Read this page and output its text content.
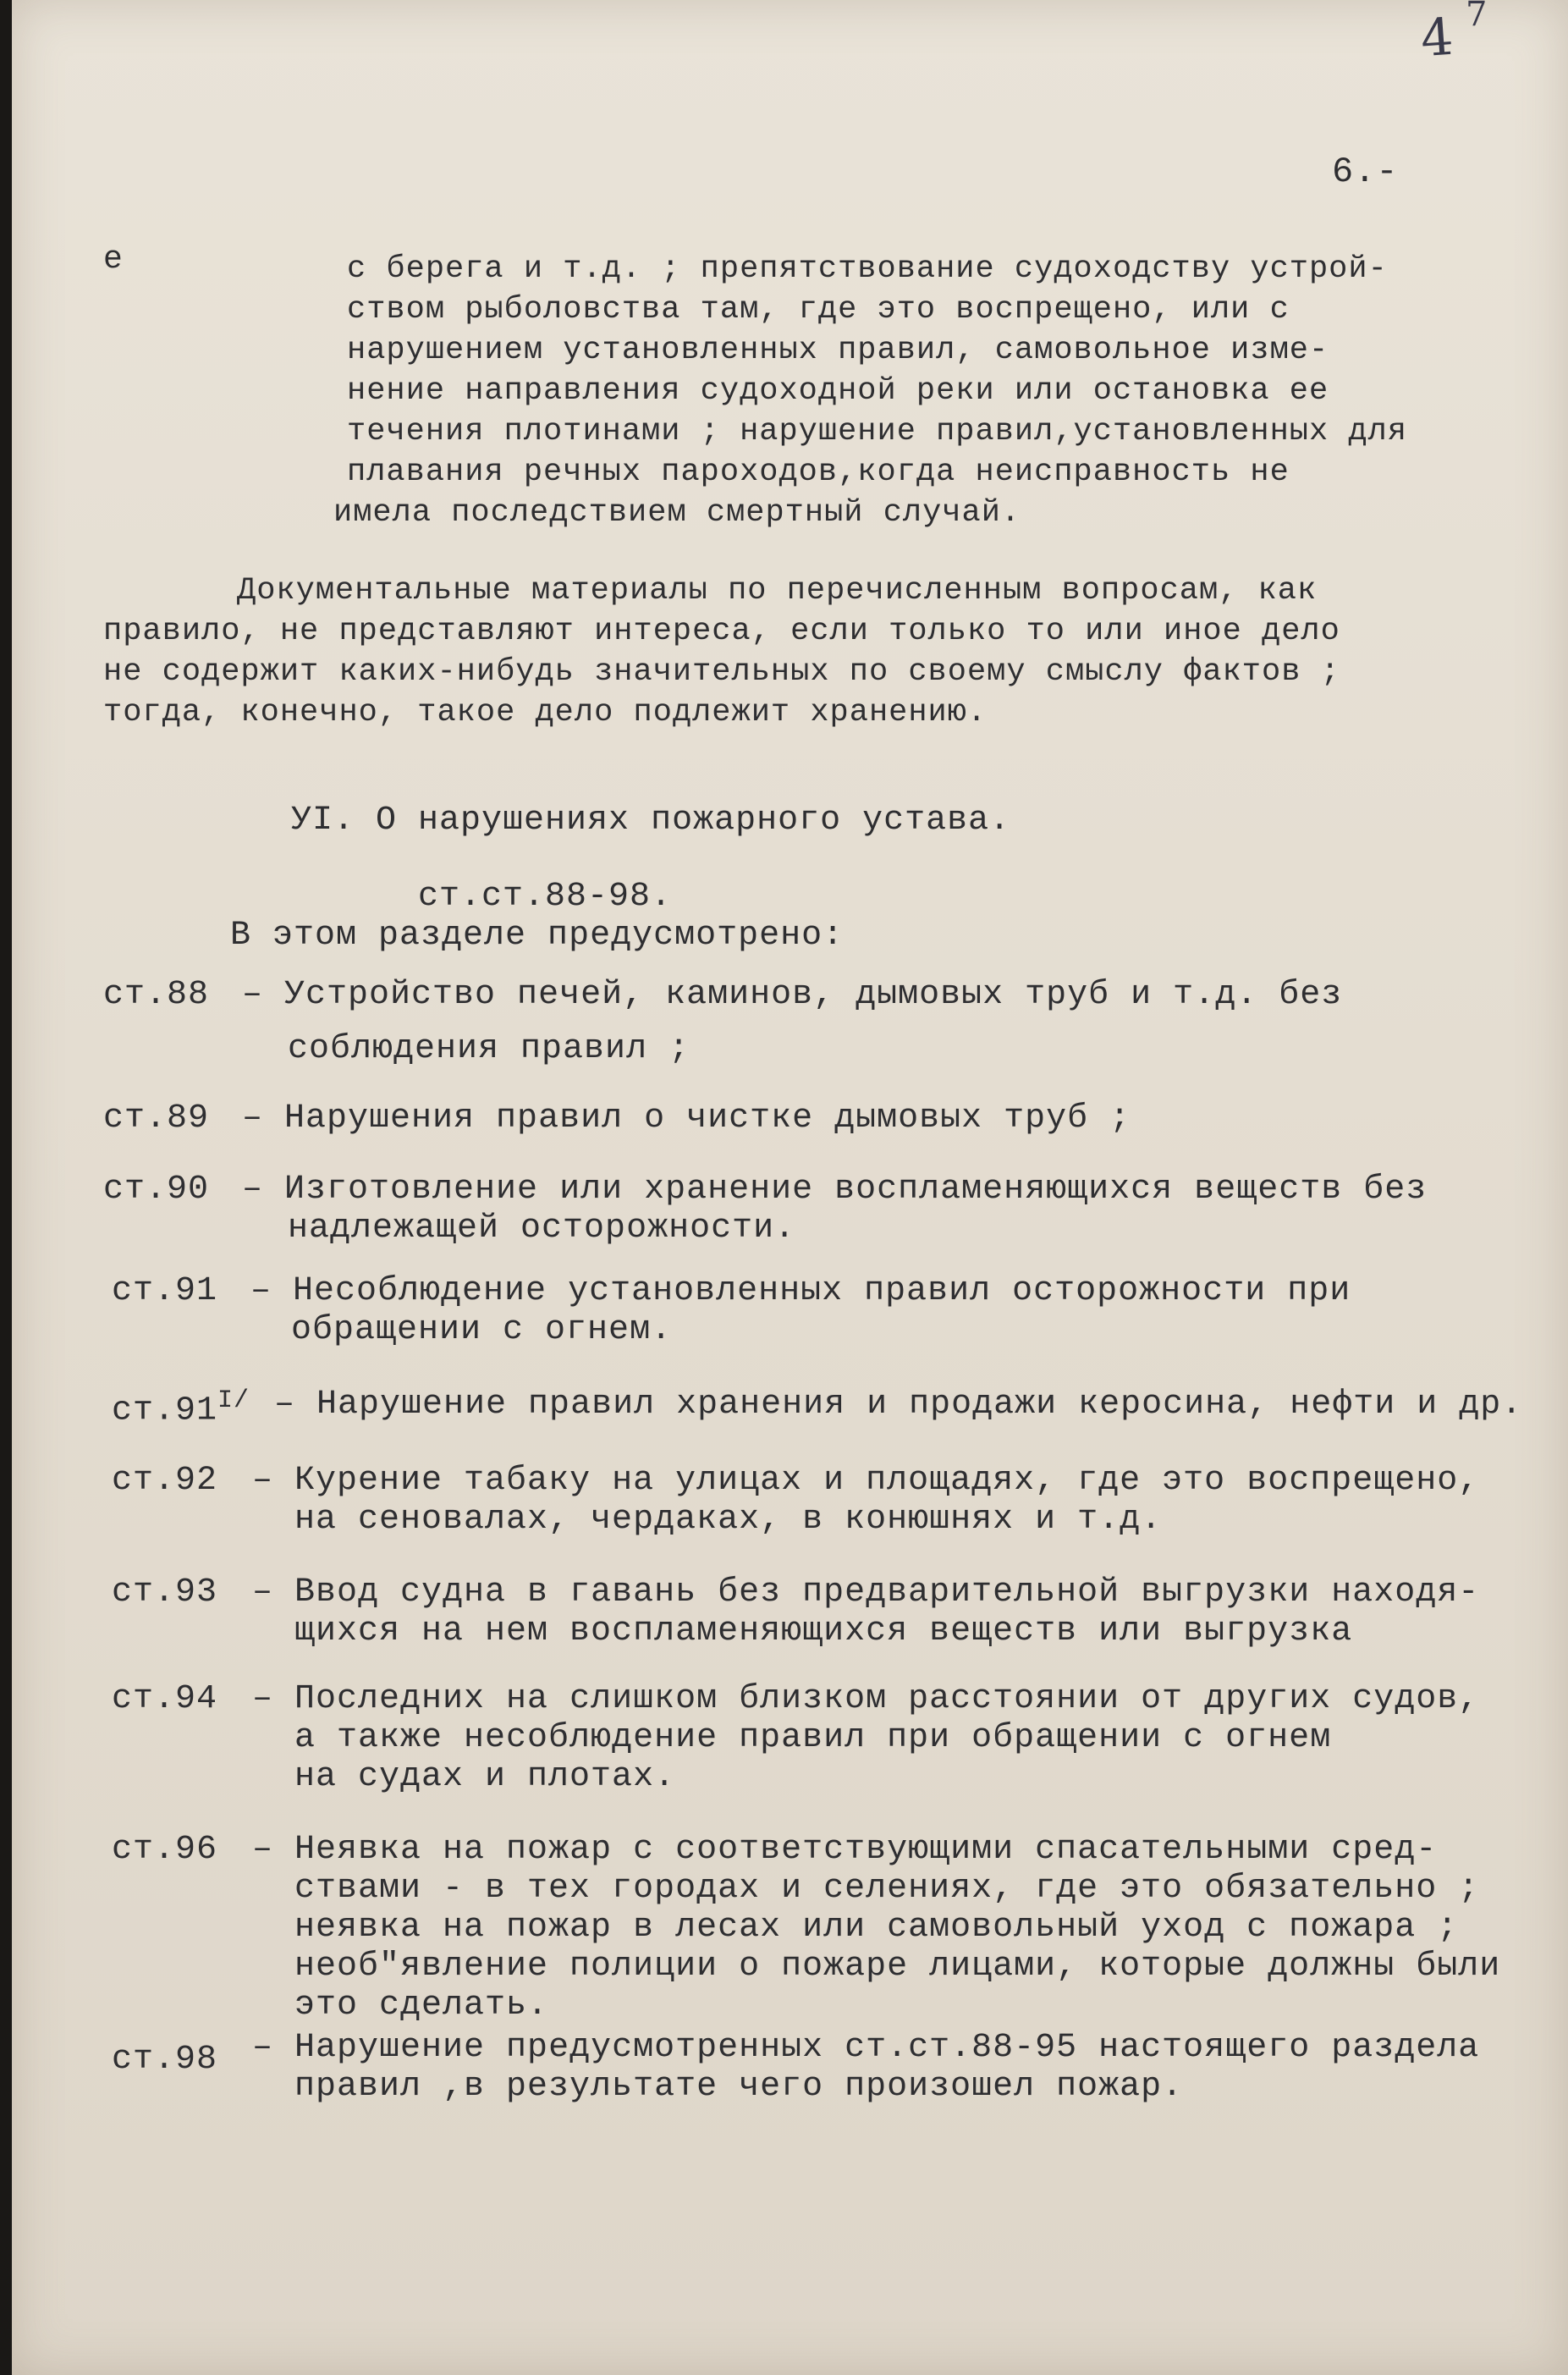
7
4
6.-
е	с берега и т.д. ; препятствование судоходству устрой-
ством рыболовства там, где это воспрещено, или с
нарушением установленных правил, самовольное изме-
нение направления судоходной реки или остановка ее
течения плотинами ; нарушение правил,установленных для
плавания речных пароходов,когда неисправность не
имела последствием смертный случай.
Документальные материалы по перечисленным вопросам, как
правило, не представляют интереса, если только то или иное дело
не содержит каких-нибудь значительных по своему смыслу фактов ;
тогда, конечно, такое дело подлежит хранению.
УI. О нарушениях пожарного устава.
ст.ст.88-98.
В этом разделе предусмотрено:
ст.88 – Устройство печей, каминов, дымовых труб и т.д. без
соблюдения правил ;
ст.89 – Нарушения правил о чистке дымовых труб ;
ст.90 – Изготовление или хранение воспламеняющихся веществ без
надлежащей осторожности.
ст.91 – Несоблюдение установленных правил осторожности при
обращении с огнем.
$ст.91^{I/}$ – Нарушение правил хранения и продажи керосина, нефти и др.
ст.92 – Курение табаку на улицах и площадях, где это воспрещено,
на сеновалах, чердаках, в конюшнях и т.д.
ст.93 – Ввод судна в гавань без предварительной выгрузки находя-
щихся на нем воспламеняющихся веществ или выгрузка
ст.94 – Последних на слишком близком расстоянии от других судов,
а также несоблюдение правил при обращении с огнем
на судах и плотах.
ст.96 – Неявка на пожар с соответствующими спасательными сред-
ствами - в тех городах и селениях, где это обязательно ;
неявка на пожар в лесах или самовольный уход с пожара ;
необ"явление полиции о пожаре лицами, которые должны были
это сделать.
ст.98 – Нарушение предусмотренных ст.ст.88-95 настоящего раздела
правил ,в результате чего произошел пожар.
